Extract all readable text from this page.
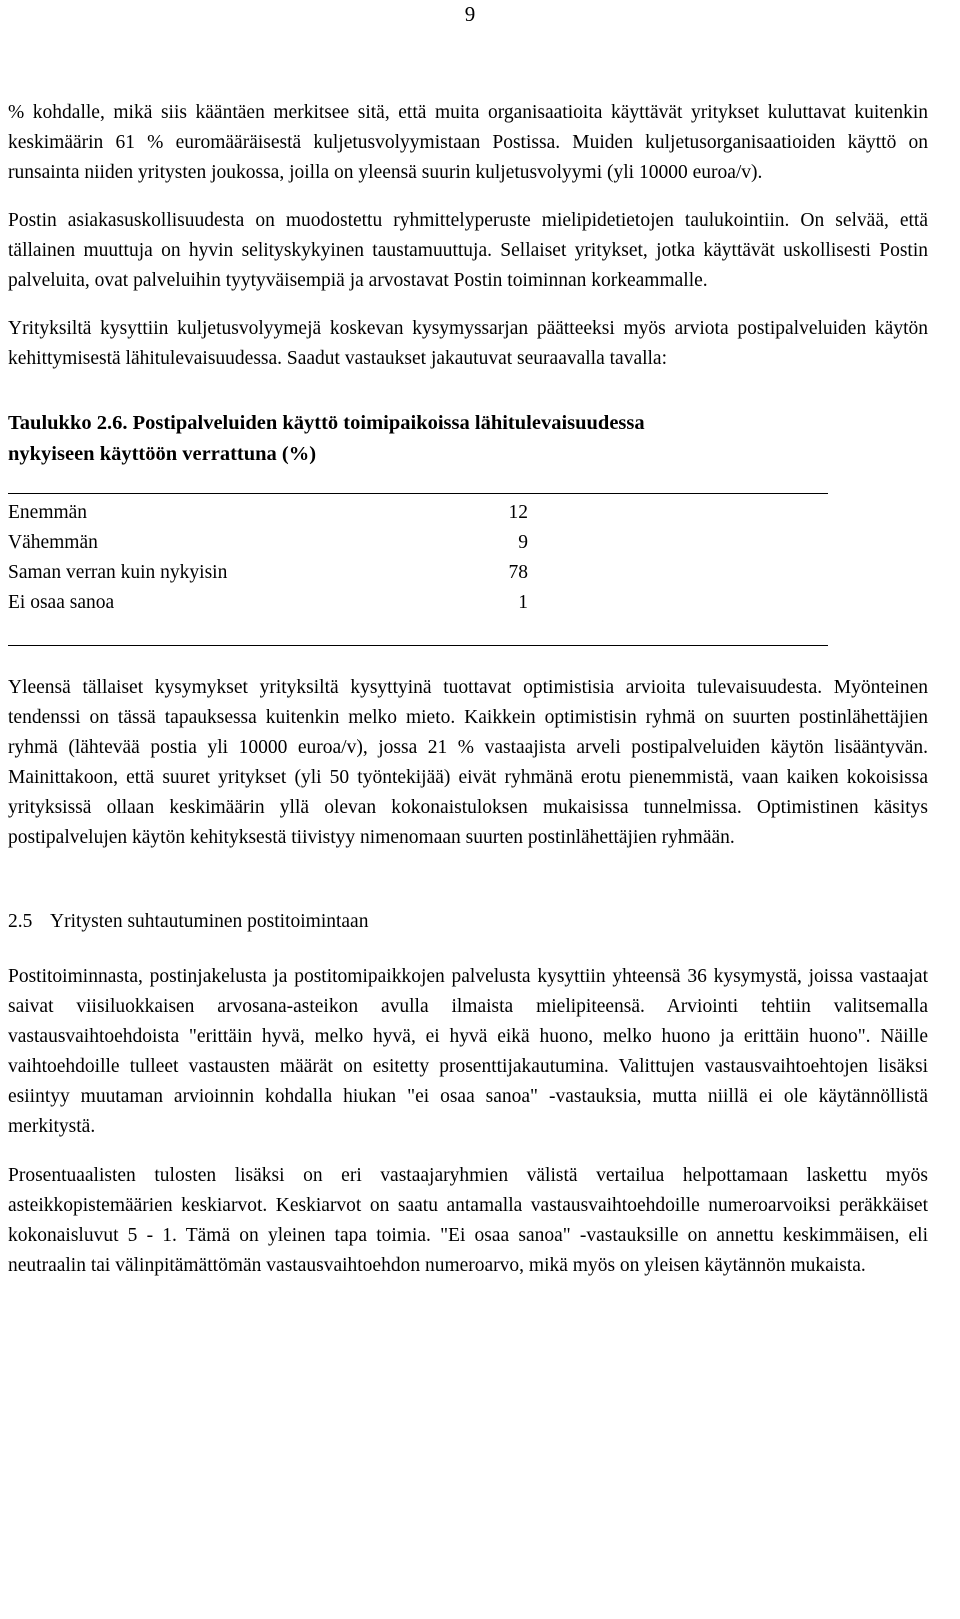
9

% kohdalle, mikä siis kääntäen merkitsee sitä, että muita organisaatioita käyttävät yritykset kuluttavat kuitenkin keskimäärin 61 % euromääräisestä kuljetusvolyymistaan Postissa. Muiden kuljetusorganisaatioiden käyttö on runsainta niiden yritysten joukossa, joilla on yleensä suurin kuljetusvolyymi (yli 10000 euroa/v).

Postin asiakasuskollisuudesta on muodostettu ryhmittelyperuste mielipidetietojen taulukointiin. On selvää, että tällainen muuttuja on hyvin selityskykyinen taustamuuttuja. Sellaiset yritykset, jotka käyttävät uskollisesti Postin palveluita, ovat palveluihin tyytyväisempiä ja arvostavat Postin toiminnan korkeammalle.

Yrityksiltä kysyttiin kuljetusvolyymejä koskevan kysymyssarjan päätteeksi myös arviota postipalveluiden käytön kehittymisestä lähitulevaisuudessa. Saadut vastaukset jakautuvat seuraavalla tavalla:

Taulukko 2.6. Postipalveluiden käyttö toimipaikoissa lähitulevaisuudessa
nykyiseen käyttöön verrattuna (%)
Enemmän	12
Vähemmän	9
Saman verran kuin nykyisin	78
Ei osaa sanoa	1

Yleensä tällaiset kysymykset yrityksiltä kysyttyinä tuottavat optimistisia arvioita tulevaisuudesta. Myönteinen tendenssi on tässä tapauksessa kuitenkin melko mieto. Kaikkein optimistisin ryhmä on suurten postinlähettäjien ryhmä (lähtevää postia yli 10000 euroa/v), jossa 21 % vastaajista arveli postipalveluiden käytön lisääntyvän. Mainittakoon, että suuret yritykset (yli 50 työntekijää) eivät ryhmänä erotu pienemmistä, vaan kaiken kokoisissa yrityksissä ollaan keskimäärin yllä olevan kokonaistuloksen mukaisissa tunnelmissa. Optimistinen käsitys postipalvelujen käytön kehityksestä tiivistyy nimenomaan suurten postinlähettäjien ryhmään.

2.5 Yritysten suhtautuminen postitoimintaan

Postitoiminnasta, postinjakelusta ja postitomipaikkojen palvelusta kysyttiin yhteensä 36 kysymystä, joissa vastaajat saivat viisiluokkaisen arvosana-asteikon avulla ilmaista mielipiteensä. Arviointi tehtiin valitsemalla vastausvaihtoehdoista "erittäin hyvä, melko hyvä, ei hyvä eikä huono, melko huono ja erittäin huono". Näille vaihtoehdoille tulleet vastausten määrät on esitetty prosenttijakautumina. Valittujen vastausvaihtoehtojen lisäksi esiintyy muutaman arvioinnin kohdalla hiukan "ei osaa sanoa" -vastauksia, mutta niillä ei ole käytännöllistä merkitystä.

Prosentuaalisten tulosten lisäksi on eri vastaajaryhmien välistä vertailua helpottamaan laskettu myös asteikkopistemäärien keskiarvot. Keskiarvot on saatu antamalla vastausvaihtoehdoille numeroarvoiksi peräkkäiset kokonaisluvut 5 - 1. Tämä on yleinen tapa toimia. "Ei osaa sanoa" -vastauksille on annettu keskimmäisen, eli neutraalin tai välinpitämättömän vastausvaihtoehdon numeroarvo, mikä myös on yleisen käytännön mukaista.
